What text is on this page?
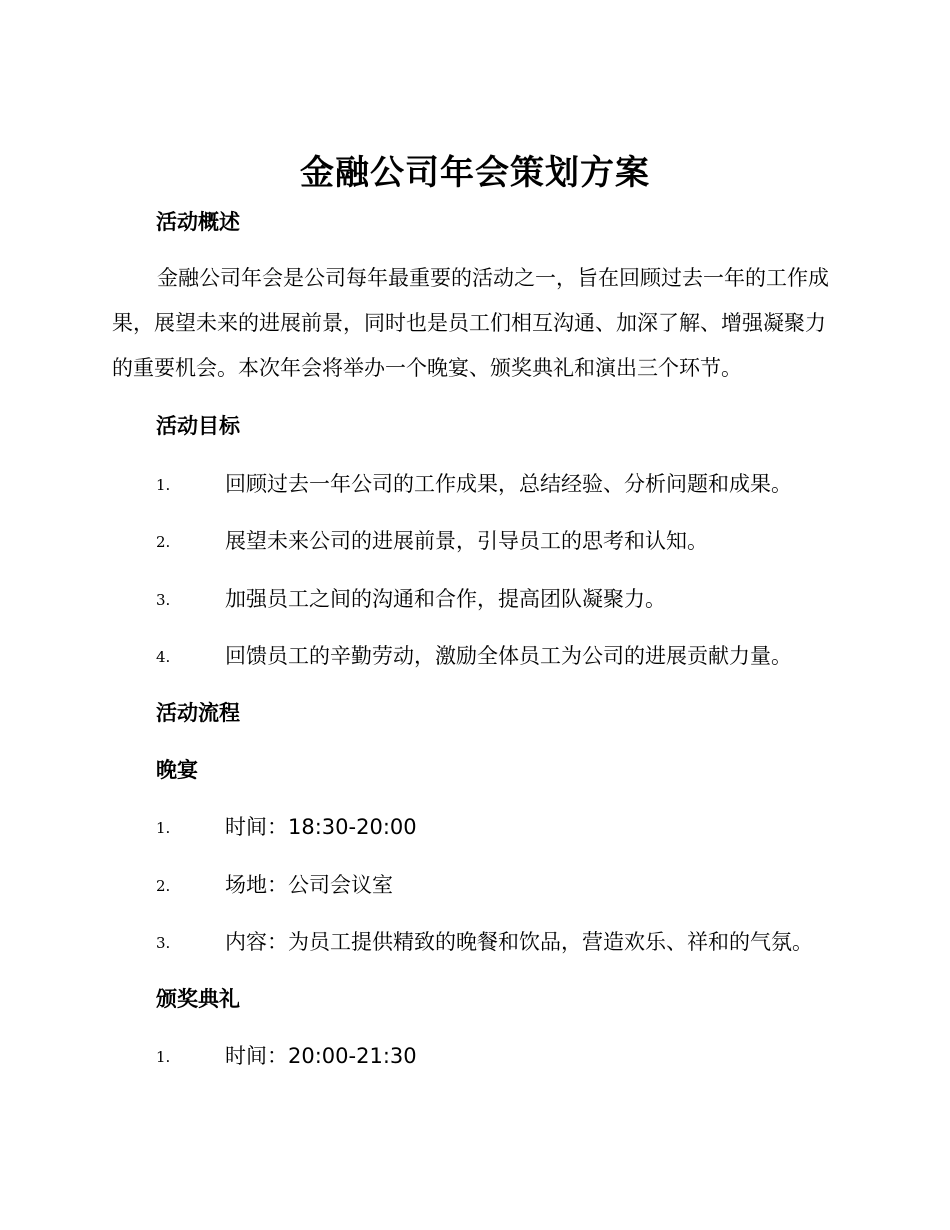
金融公司年会策划方案
活动概述
金融公司年会是公司每年最重要的活动之一，旨在回顾过去一年的工作成果，展望未来的进展前景，同时也是员工们相互沟通、加深了解、增强凝聚力的重要机会。本次年会将举办一个晚宴、颁奖典礼和演出三个环节。
活动目标
1.	回顾过去一年公司的工作成果，总结经验、分析问题和成果。
2.	展望未来公司的进展前景，引导员工的思考和认知。
3.	加强员工之间的沟通和合作，提高团队凝聚力。
4.	回馈员工的辛勤劳动，激励全体员工为公司的进展贡献力量。
活动流程
晚宴
1.	时间：18:30-20:00
2.	场地：公司会议室
3.	内容：为员工提供精致的晚餐和饮品，营造欢乐、祥和的气氛。
颁奖典礼
1.	时间：20:00-21:30
